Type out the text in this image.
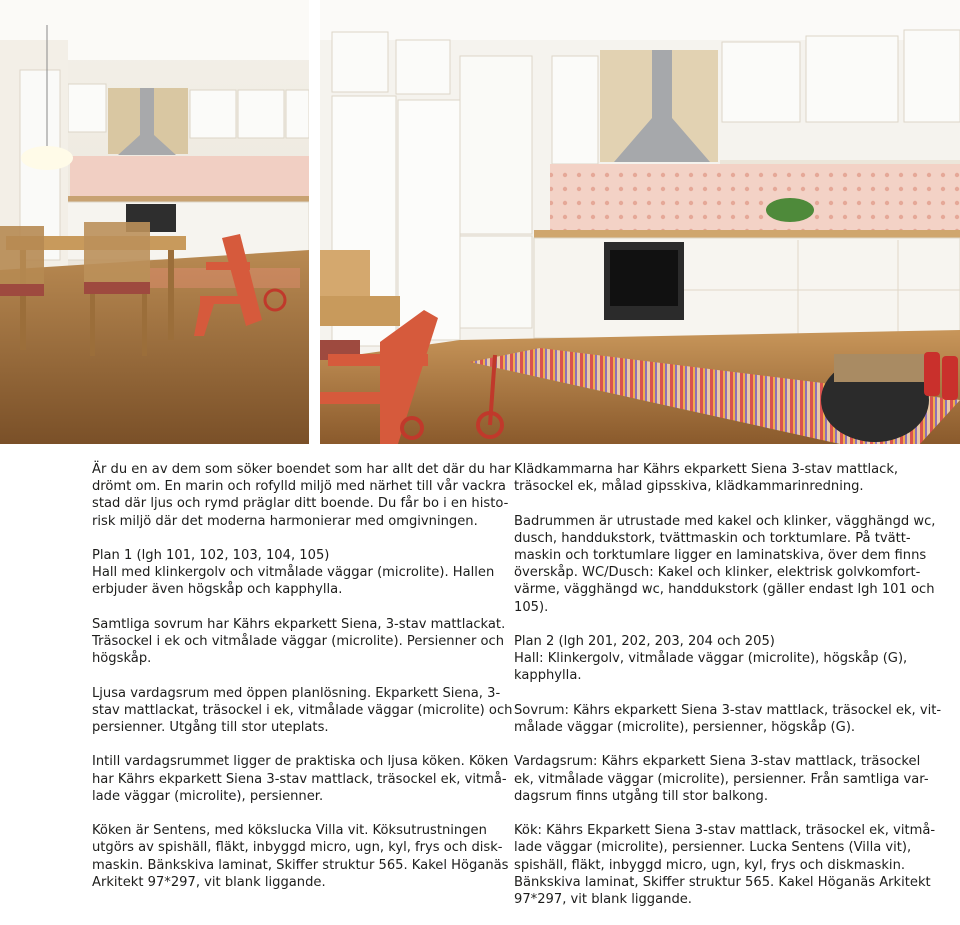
Är du en av dem som söker boendet som har allt det där du har
drömt om. En marin och rofylld miljö med närhet till vår vackra
stad där ljus och rymd präglar ditt boende. Du får bo i en histo-
risk miljö där det moderna harmonierar med omgivningen.

Plan 1 (lgh 101, 102, 103, 104, 105)
Hall med klinkergolv och vitmålade väggar (microlite). Hallen
erbjuder även högskåp och kapphylla.

Samtliga sovrum har Kährs ekparkett Siena, 3-stav mattlackat.
Träsockel i ek och vitmålade väggar (microlite). Persienner och
högskåp.

Ljusa vardagsrum med öppen planlösning. Ekparkett Siena, 3-
stav mattlackat, träsockel i ek, vitmålade väggar (microlite) och
persienner. Utgång till stor uteplats.

Intill vardagsrummet ligger de praktiska och ljusa köken. Köken
har Kährs ekparkett Siena 3-stav mattlack, träsockel ek, vitmå-
lade väggar (microlite), persienner.

Köken är Sentens, med kökslucka Villa vit. Köksutrustningen
utgörs av spishäll, fläkt, inbyggd micro, ugn, kyl, frys och disk-
maskin. Bänkskiva laminat, Skiffer struktur 565. Kakel Höganäs
Arkitekt 97*297, vit blank liggande.

Klädkammarna har Kährs ekparkett Siena 3-stav mattlack,
träsockel ek, målad gipsskiva, klädkammarinredning.

Badrummen är utrustade med kakel och klinker, vägghängd wc,
dusch, handdukstork, tvättmaskin och torktumlare. På tvätt-
maskin och torktumlare ligger en laminatskiva, över dem finns
överskåp. WC/Dusch: Kakel och klinker, elektrisk golvkomfort-
värme, vägghängd wc, handdukstork (gäller endast lgh 101 och
105).

Plan 2 (lgh 201, 202, 203, 204 och 205)
Hall: Klinkergolv, vitmålade väggar (microlite), högskåp (G),
kapphylla.

Sovrum: Kährs ekparkett Siena 3-stav mattlack, träsockel ek, vit-
målade väggar (microlite), persienner, högskåp (G).

Vardagsrum: Kährs ekparkett Siena 3-stav mattlack, träsockel
ek, vitmålade väggar (microlite), persienner. Från samtliga var-
dagsrum finns utgång till stor balkong.

Kök: Kährs Ekparkett Siena 3-stav mattlack, träsockel ek, vitmå-
lade väggar (microlite), persienner. Lucka Sentens (Villa vit),
spishäll, fläkt, inbyggd micro, ugn, kyl, frys och diskmaskin.
Bänkskiva laminat, Skiffer struktur 565. Kakel Höganäs Arkitekt
97*297, vit blank liggande.
